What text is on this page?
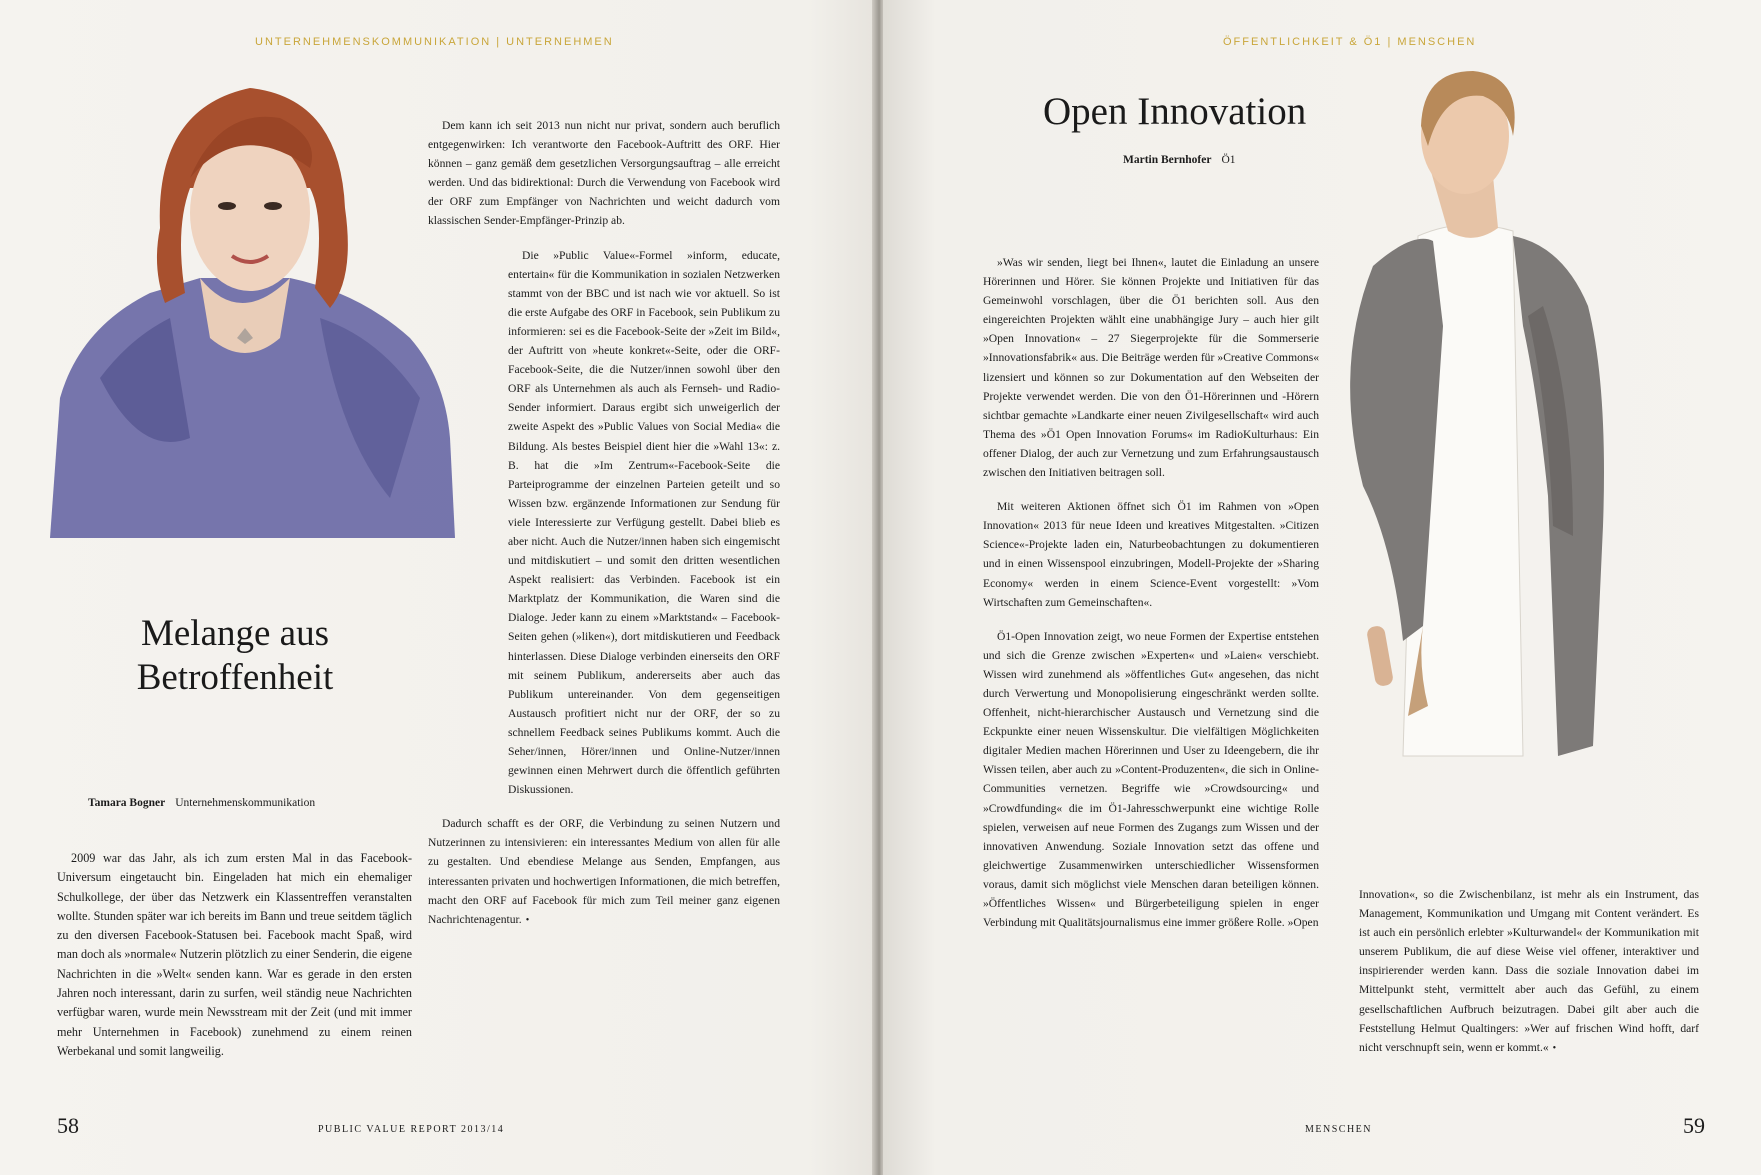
UNTERNEHMENSKOMMUNIKATION | UNTERNEHMEN
Melange aus
Betroffenheit
Tamara Bogner Unternehmenskommunikation

2009 war das Jahr, als ich zum ersten Mal in das Facebook-Universum eingetaucht bin. Eingeladen hat mich ein ehemaliger Schulkollege, der über das Netzwerk ein Klassentreffen veranstalten wollte. Stunden später war ich bereits im Bann und treue seitdem täglich zu den diversen Facebook-Statusen bei. Facebook macht Spaß, wird man doch als »normale« Nutzerin plötzlich zu einer Senderin, die eigene Nachrichten in die »Welt« senden kann. War es gerade in den ersten Jahren noch interessant, darin zu surfen, weil ständig neue Nachrichten verfügbar waren, wurde mein Newsstream mit der Zeit (und mit immer mehr Unternehmen in Facebook) zunehmend zu einem reinen Werbekanal und somit langweilig.

Dem kann ich seit 2013 nun nicht nur privat, sondern auch beruflich entgegenwirken: Ich verantworte den Facebook-Auftritt des ORF. Hier können – ganz gemäß dem gesetzlichen Versorgungsauftrag – alle erreicht werden. Und das bidirektional: Durch die Verwendung von Facebook wird der ORF zum Empfänger von Nachrichten und weicht dadurch vom klassischen Sender-Empfänger-Prinzip ab.

Die »Public Value«-Formel »inform, educate, entertain« für die Kommunikation in sozialen Netzwerken stammt von der BBC und ist nach wie vor aktuell. So ist die erste Aufgabe des ORF in Facebook, sein Publikum zu informieren: sei es die Facebook-Seite der »Zeit im Bild«, der Auftritt von »heute konkret«-Seite, oder die ORF-Facebook-Seite, die die Nutzer/innen sowohl über den ORF als Unternehmen als auch als Fernseh- und Radio-Sender informiert. Daraus ergibt sich unweigerlich der zweite Aspekt des »Public Values von Social Media« die Bildung. Als bestes Beispiel dient hier die »Wahl 13«: z. B. hat die »Im Zentrum«-Facebook-Seite die Parteiprogramme der einzelnen Parteien geteilt und so Wissen bzw. ergänzende Informationen zur Sendung für viele Interessierte zur Verfügung gestellt. Dabei blieb es aber nicht. Auch die Nutzer/innen haben sich eingemischt und mitdiskutiert – und somit den dritten wesentlichen Aspekt realisiert: das Verbinden. Facebook ist ein Marktplatz der Kommunikation, die Waren sind die Dialoge. Jeder kann zu einem »Marktstand« – Facebook-Seiten gehen (»liken«), dort mitdiskutieren und Feedback hinterlassen. Diese Dialoge verbinden einerseits den ORF mit seinem Publikum, andererseits aber auch das Publikum untereinander. Von dem gegenseitigen Austausch profitiert nicht nur der ORF, der so zu schnellem Feedback seines Publikums kommt. Auch die Seher/innen, Hörer/innen und Online-Nutzer/innen gewinnen einen Mehrwert durch die öffentlich geführten Diskussionen.

Dadurch schafft es der ORF, die Verbindung zu seinen Nutzern und Nutzerinnen zu intensivieren: ein interessantes Medium von allen für alle zu gestalten. Und ebendiese Melange aus Senden, Empfangen, aus interessanten privaten und hochwertigen Informationen, die mich betreffen, macht den ORF auf Facebook für mich zum Teil meiner ganz eigenen Nachrichtenagentur. •

58	PUBLIC VALUE REPORT 2013/14
ÖFFENTLICHKEIT & Ö1 | MENSCHEN
Open Innovation
Martin Bernhofer Ö1

»Was wir senden, liegt bei Ihnen«, lautet die Einladung an unsere Hörerinnen und Hörer. Sie können Projekte und Initiativen für das Gemeinwohl vorschlagen, über die Ö1 berichten soll. Aus den eingereichten Projekten wählt eine unabhängige Jury – auch hier gilt »Open Innovation« – 27 Siegerprojekte für die Sommerserie »Innovationsfabrik« aus. Die Beiträge werden für »Creative Commons« lizensiert und können so zur Dokumentation auf den Webseiten der Projekte verwendet werden. Die von den Ö1-Hörerinnen und -Hörern sichtbar gemachte »Landkarte einer neuen Zivilgesellschaft« wird auch Thema des »Ö1 Open Innovation Forums« im RadioKulturhaus: Ein offener Dialog, der auch zur Vernetzung und zum Erfahrungsaustausch zwischen den Initiativen beitragen soll.

Mit weiteren Aktionen öffnet sich Ö1 im Rahmen von »Open Innovation« 2013 für neue Ideen und kreatives Mitgestalten. »Citizen Science«-Projekte laden ein, Naturbeobachtungen zu dokumentieren und in einen Wissenspool einzubringen, Modell-Projekte der »Sharing Economy« werden in einem Science-Event vorgestellt: »Vom Wirtschaften zum Gemeinschaften«.

Ö1-Open Innovation zeigt, wo neue Formen der Expertise entstehen und sich die Grenze zwischen »Experten« und »Laien« verschiebt. Wissen wird zunehmend als »öffentliches Gut« angesehen, das nicht durch Verwertung und Monopolisierung eingeschränkt werden sollte. Offenheit, nicht-hierarchischer Austausch und Vernetzung sind die Eckpunkte einer neuen Wissenskultur. Die vielfältigen Möglichkeiten digitaler Medien machen Hörerinnen und User zu Ideengebern, die ihr Wissen teilen, aber auch zu »Content-Produzenten«, die sich in Online-Communities vernetzen. Begriffe wie »Crowdsourcing« und »Crowdfunding« die im Ö1-Jahresschwerpunkt eine wichtige Rolle spielen, verweisen auf neue Formen des Zugangs zum Wissen und der innovativen Anwendung. Soziale Innovation setzt das offene und gleichwertige Zusammenwirken unterschiedlicher Wissensformen voraus, damit sich möglichst viele Menschen daran beteiligen können. »Öffentliches Wissen« und Bürgerbeteiligung spielen in enger Verbindung mit Qualitätsjournalismus eine immer größere Rolle. »Open

Innovation«, so die Zwischenbilanz, ist mehr als ein Instrument, das Management, Kommunikation und Umgang mit Content verändert. Es ist auch ein persönlich erlebter »Kulturwandel« der Kommunikation mit unserem Publikum, die auf diese Weise viel offener, interaktiver und inspirierender werden kann. Dass die soziale Innovation dabei im Mittelpunkt steht, vermittelt aber auch das Gefühl, zu einem gesellschaftlichen Aufbruch beizutragen. Dabei gilt aber auch die Feststellung Helmut Qualtingers: »Wer auf frischen Wind hofft, darf nicht verschnupft sein, wenn er kommt.« •

MENSCHEN	59
